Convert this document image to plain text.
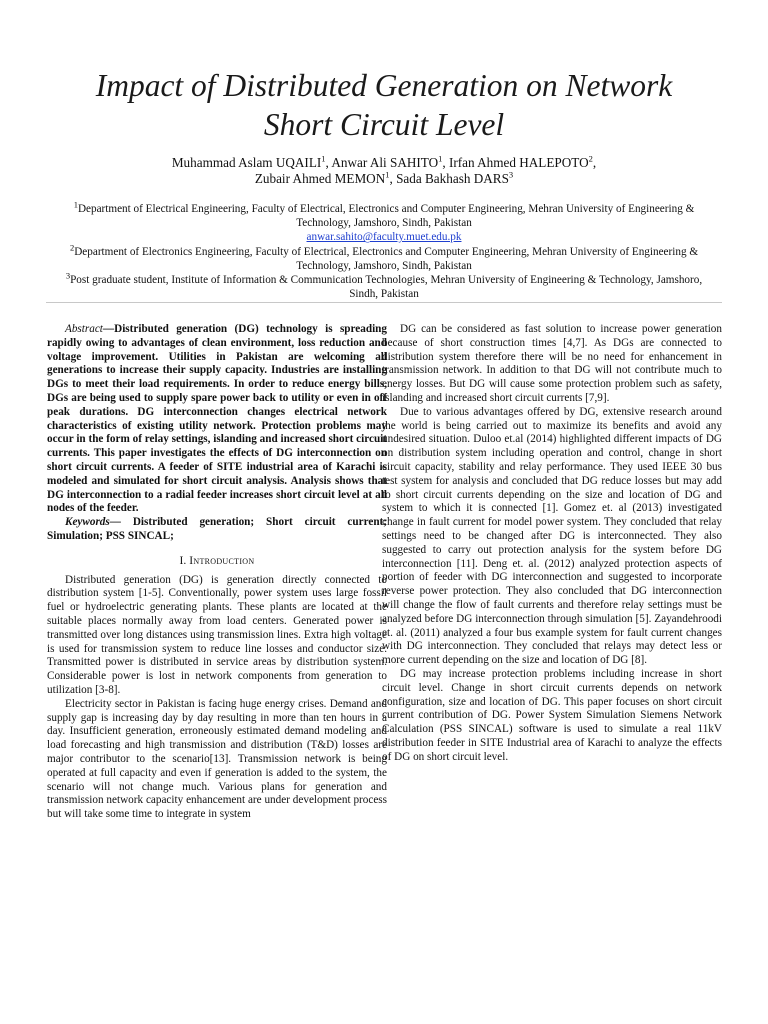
Impact of Distributed Generation on Network
Short Circuit Level
Muhammad Aslam UQAILI$^1$, Anwar Ali SAHITO$^1$, Irfan Ahmed HALEPOTO$^2$,
Zubair Ahmed MEMON$^1$, Sada Bakhash DARS$^3$

$^1$Department of Electrical Engineering, Faculty of Electrical, Electronics and Computer Engineering, Mehran University of Engineering & Technology, Jamshoro, Sindh, Pakistan

anwar.sahito@faculty.muet.edu.pk

$^2$Department of Electronics Engineering, Faculty of Electrical, Electronics and Computer Engineering, Mehran University of Engineering & Technology, Jamshoro, Sindh, Pakistan

$^3$Post graduate student, Institute of Information & Communication Technologies, Mehran University of Engineering & Technology, Jamshoro, Sindh, Pakistan

Abstract—Distributed generation (DG) technology is spreading rapidly owing to advantages of clean environment, loss reduction and voltage improvement. Utilities in Pakistan are welcoming all generations to increase their supply capacity. Industries are installing DGs to meet their load requirements. In order to reduce energy bills, DGs are being used to supply spare power back to utility or even in off peak durations. DG interconnection changes electrical network characteristics of existing utility network. Protection problems may occur in the form of relay settings, islanding and increased short circuit currents. This paper investigates the effects of DG interconnection on short circuit currents. A feeder of SITE industrial area of Karachi is modeled and simulated for short circuit analysis. Analysis shows that DG interconnection to a radial feeder increases short circuit level at all nodes of the feeder.

Keywords— Distributed generation; Short circuit current; Simulation; PSS SINCAL;

I. Introduction

Distributed generation (DG) is generation directly connected to distribution system [1-5]. Conventionally, power system uses large fossil fuel or hydroelectric generating plants. These plants are located at the suitable places normally away from load centers. Generated power is transmitted over long distances using transmission lines. Extra high voltage is used for transmission system to reduce line losses and conductor size. Transmitted power is distributed in service areas by distribution system. Considerable power is lost in network components from generation to utilization [3-8].

Electricity sector in Pakistan is facing huge energy crises. Demand and supply gap is increasing day by day resulting in more than ten hours in a day. Insufficient generation, erroneously estimated demand modeling and load forecasting and high transmission and distribution (T&D) losses are major contributor to the scenario[13]. Transmission network is being operated at full capacity and even if generation is added to the system, the scenario will not change much. Various plans for generation and transmission network capacity enhancement are under development process but will take some time to integrate in system

DG can be considered as fast solution to increase power generation because of short construction times [4,7]. As DGs are connected to distribution system therefore there will be no need for enhancement in transmission network. In addition to that DG will not contribute much to energy losses. But DG will cause some protection problem such as safety, islanding and increased short circuit currents [7,9].

Due to various advantages offered by DG, extensive research around the world is being carried out to maximize its benefits and avoid any undesired situation. Duloo et.al (2014) highlighted different impacts of DG on distribution system including operation and control, change in short circuit capacity, stability and relay performance. They used IEEE 30 bus test system for analysis and concluded that DG reduce losses but may add to short circuit currents depending on the size and location of DG and system to which it is connected [1]. Gomez et. al (2013) investigated change in fault current for model power system. They concluded that relay settings need to be changed after DG is interconnected. They also suggested to carry out protection analysis for the system before DG interconnection [11]. Deng et. al. (2012) analyzed protection aspects of portion of feeder with DG interconnection and suggested to incorporate reverse power protection. They also concluded that DG interconnection will change the flow of fault currents and therefore relay settings must be analyzed before DG interconnection through simulation [5]. Zayandehroodi et. al. (2011) analyzed a four bus example system for fault current changes with DG interconnection. They concluded that relays may detect less or more current depending on the size and location of DG [8].

DG may increase protection problems including increase in short circuit level. Change in short circuit currents depends on network configuration, size and location of DG. This paper focuses on short circuit current contribution of DG. Power System Simulation Siemens Network Calculation (PSS SINCAL) software is used to simulate a real 11kV distribution feeder in SITE Industrial area of Karachi to analyze the effects of DG on short circuit level.
